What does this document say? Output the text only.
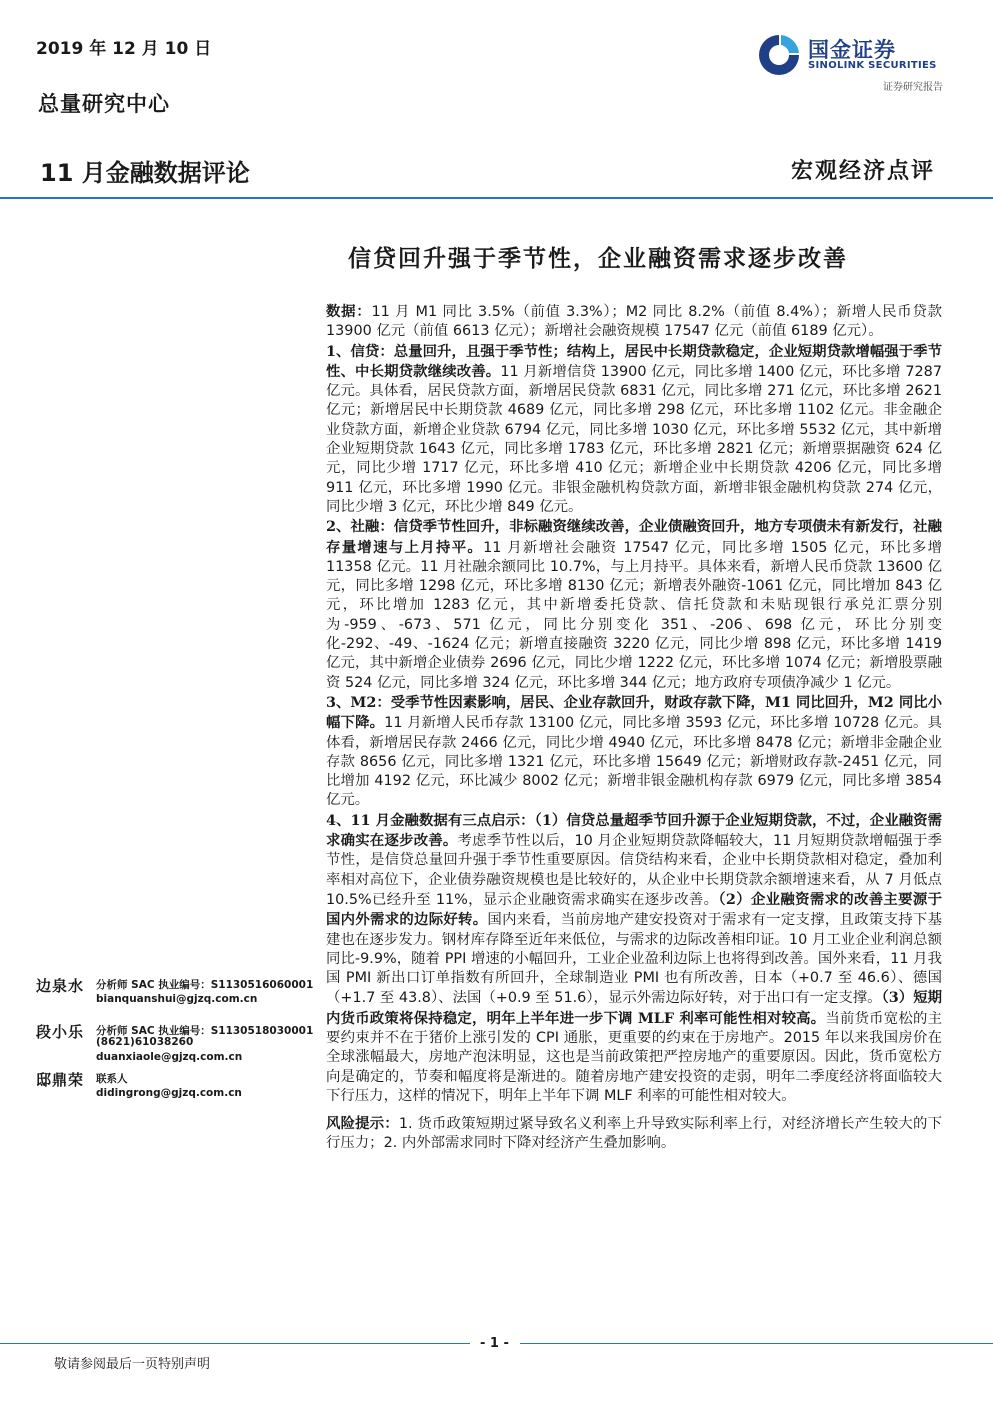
2019 年 12 月 10 日
总量研究中心
国金证券
SINOLINK SECURITIES
证券研究报告
11 月金融数据评论	宏观经济点评
信贷回升强于季节性，企业融资需求逐步改善

数据：11 月 M1 同比 3.5%（前值 3.3%）；M2 同比 8.2%（前值 8.4%）；新增人民币贷款 13900 亿元（前值 6613 亿元）；新增社会融资规模 17547 亿元（前值 6189 亿元）。

1、信贷：总量回升，且强于季节性；结构上，居民中长期贷款稳定，企业短期贷款增幅强于季节性、中长期贷款继续改善。11 月新增信贷 13900 亿元，同比多增 1400 亿元，环比多增 7287 亿元。具体看，居民贷款方面，新增居民贷款 6831 亿元，同比多增 271 亿元，环比多增 2621 亿元；新增居民中长期贷款 4689 亿元，同比多增 298 亿元，环比多增 1102 亿元。非金融企业贷款方面，新增企业贷款 6794 亿元，同比多增 1030 亿元，环比多增 5532 亿元，其中新增企业短期贷款 1643 亿元，同比多增 1783 亿元，环比多增 2821 亿元；新增票据融资 624 亿元，同比少增 1717 亿元，环比多增 410 亿元；新增企业中长期贷款 4206 亿元，同比多增 911 亿元，环比多增 1990 亿元。非银金融机构贷款方面，新增非银金融机构贷款 274 亿元，同比少增 3 亿元，环比少增 849 亿元。

2、社融：信贷季节性回升，非标融资继续改善，企业债融资回升，地方专项债未有新发行，社融存量增速与上月持平。11 月新增社会融资 17547 亿元，同比多增 1505 亿元，环比多增 11358 亿元。11 月社融余额同比 10.7%，与上月持平。具体来看，新增人民币贷款 13600 亿元，同比多增 1298 亿元，环比多增 8130 亿元；新增表外融资-1061 亿元，同比增加 843 亿元，环比增加 1283 亿元，其中新增委托贷款、信托贷款和未贴现银行承兑汇票分别为-959、-673、571 亿元，同比分别变化 351、-206、698 亿元，环比分别变化-292、-49、-1624 亿元；新增直接融资 3220 亿元，同比少增 898 亿元，环比多增 1419 亿元，其中新增企业债券 2696 亿元，同比少增 1222 亿元，环比多增 1074 亿元；新增股票融资 524 亿元，同比多增 324 亿元，环比多增 344 亿元；地方政府专项债净减少 1 亿元。

3、M2：受季节性因素影响，居民、企业存款回升，财政存款下降，M1 同比回升，M2 同比小幅下降。11 月新增人民币存款 13100 亿元，同比多增 3593 亿元，环比多增 10728 亿元。具体看，新增居民存款 2466 亿元，同比少增 4940 亿元，环比多增 8478 亿元；新增非金融企业存款 8656 亿元，同比多增 1321 亿元，环比多增 15649 亿元；新增财政存款-2451 亿元，同比增加 4192 亿元，环比减少 8002 亿元；新增非银金融机构存款 6979 亿元，同比多增 3854 亿元。

4、11 月金融数据有三点启示：（1）信贷总量超季节回升源于企业短期贷款，不过，企业融资需求确实在逐步改善。考虑季节性以后，10 月企业短期贷款降幅较大，11 月短期贷款增幅强于季节性，是信贷总量回升强于季节性重要原因。信贷结构来看，企业中长期贷款相对稳定，叠加利率相对高位下，企业债券融资规模也是比较好的，从企业中长期贷款余额增速来看，从 7 月低点 10.5%已经升至 11%，显示企业融资需求确实在逐步改善。（2）企业融资需求的改善主要源于国内外需求的边际好转。国内来看，当前房地产建安投资对于需求有一定支撑，且政策支持下基建也在逐步发力。钢材库存降至近年来低位，与需求的边际改善相印证。10 月工业企业利润总额同比-9.9%，随着 PPI 增速的小幅回升，工业企业盈利边际上也将得到改善。国外来看，11 月我国 PMI 新出口订单指数有所回升，全球制造业 PMI 也有所改善，日本（+0.7 至 46.6）、德国（+1.7 至 43.8）、法国（+0.9 至 51.6），显示外需边际好转，对于出口有一定支撑。（3）短期内货币政策将保持稳定，明年上半年进一步下调 MLF 利率可能性相对较高。当前货币宽松的主要约束并不在于猪价上涨引发的 CPI 通胀，更重要的约束在于房地产。2015 年以来我国房价在全球涨幅最大，房地产泡沫明显，这也是当前政策把严控房地产的重要原因。因此，货币宽松方向是确定的，节奏和幅度将是渐进的。随着房地产建安投资的走弱，明年二季度经济将面临较大下行压力，这样的情况下，明年上半年下调 MLF 利率的可能性相对较大。

风险提示：1. 货币政策短期过紧导致名义利率上升导致实际利率上行，对经济增长产生较大的下行压力；2. 内外部需求同时下降对经济产生叠加影响。

边泉水 分析师 SAC 执业编号：S1130516060001
bianquanshui@gjzq.com.cn
段小乐 分析师 SAC 执业编号：S1130518030001
(8621)61038260
duanxiaole@gjzq.com.cn
邸鼎荣 联系人
didingrong@gjzq.com.cn
- 1 -
敬请参阅最后一页特别声明
